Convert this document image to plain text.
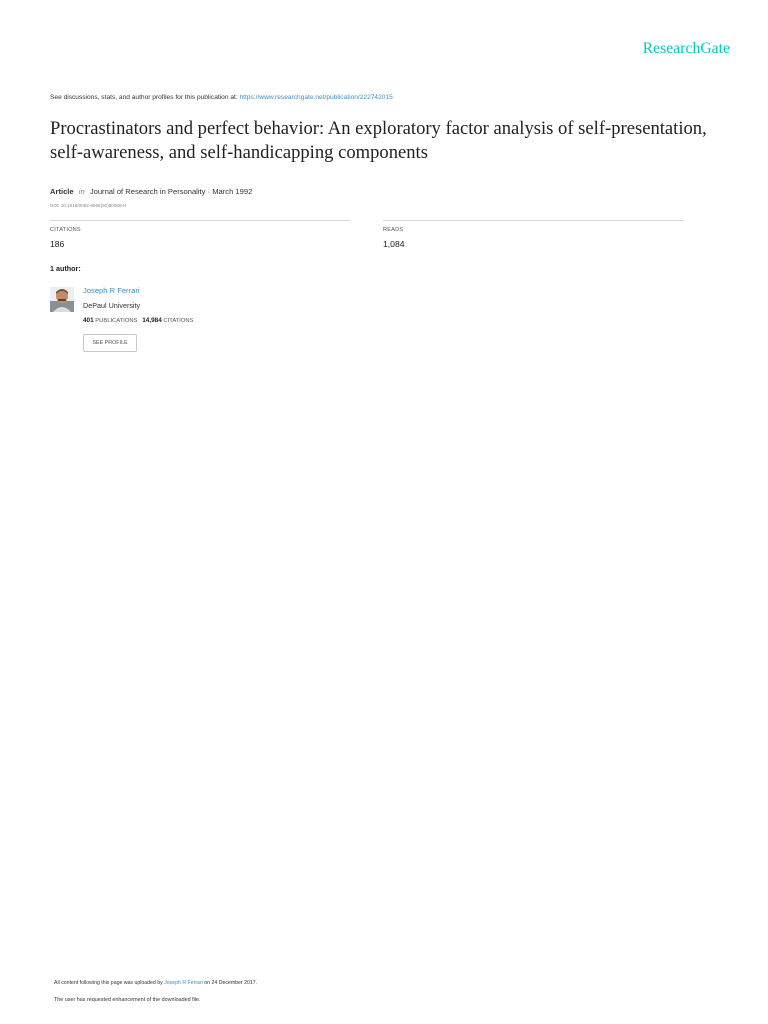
ResearchGate
See discussions, stats, and author profiles for this publication at: https://www.researchgate.net/publication/222742015
Procrastinators and perfect behavior: An exploratory factor analysis of self-presentation, self-awareness, and self-handicapping components
Article in Journal of Research in Personality · March 1992
DOI: 10.1016/0092-6566(92)90068-H
CITATIONS
186
READS
1,084
1 author:
Joseph R Ferrari
DePaul University
401 PUBLICATIONS 14,984 CITATIONS
SEE PROFILE
All content following this page was uploaded by Joseph R Ferrari on 24 December 2017.
The user has requested enhancement of the downloaded file.
